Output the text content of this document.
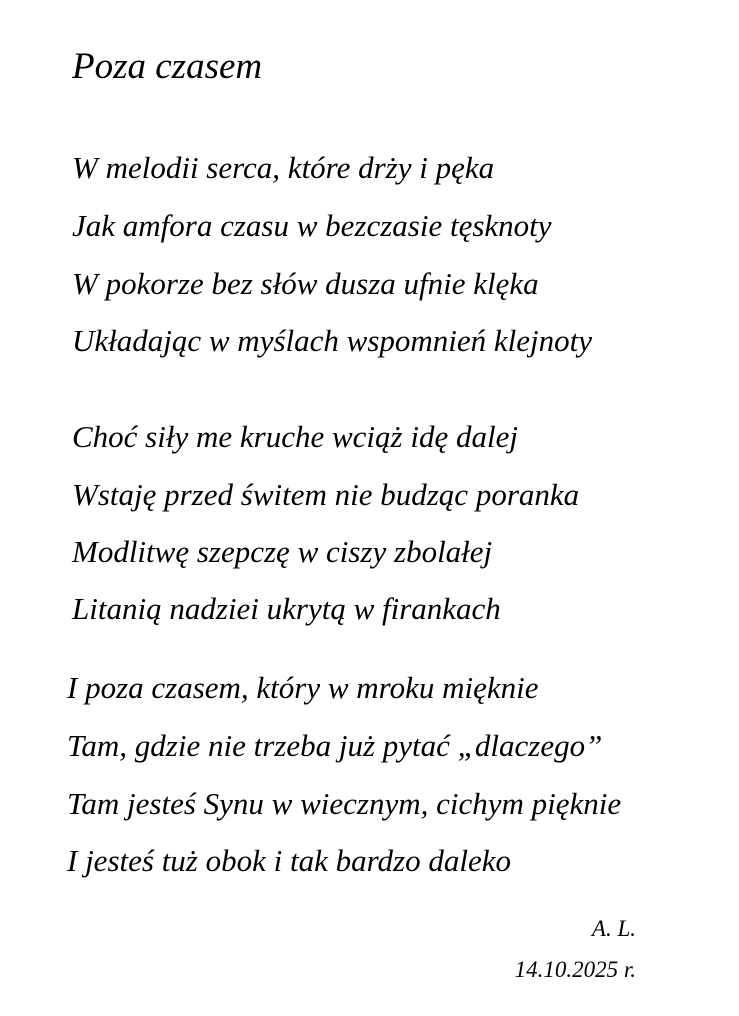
Poza czasem
W melodii serca, które drży i pęka
Jak amfora czasu w bezczasie tęsknoty
W pokorze bez słów dusza ufnie klęka
Układając w myślach wspomnień klejnoty
Choć siły me kruche wciąż idę dalej
Wstaję przed świtem nie budząc poranka
Modlitwę szepczę w ciszy zbolałej
Litanią nadziei ukrytą w firankach
I poza czasem, który w mroku mięknie
Tam, gdzie nie trzeba już pytać „dlaczego”
Tam jesteś Synu w wiecznym, cichym pięknie
I jesteś tuż obok i tak bardzo daleko
A. L.
14.10.2025 r.
